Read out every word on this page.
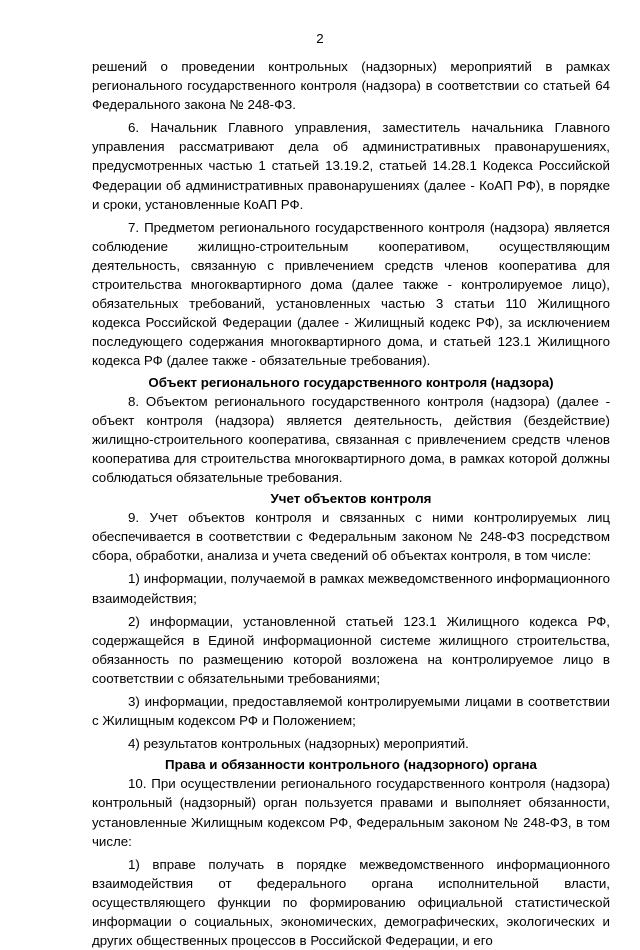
2

решений о проведении контрольных (надзорных) мероприятий в рамках регионального государственного контроля (надзора) в соответствии со статьей 64 Федерального закона № 248-ФЗ.

6. Начальник Главного управления, заместитель начальника Главного управления рассматривают дела об административных правонарушениях, предусмотренных частью 1 статьей 13.19.2, статьей 14.28.1 Кодекса Российской Федерации об административных правонарушениях (далее - КоАП РФ), в порядке и сроки, установленные КоАП РФ.

7. Предметом регионального государственного контроля (надзора) является соблюдение жилищно-строительным кооперативом, осуществляющим деятельность, связанную с привлечением средств членов кооператива для строительства многоквартирного дома (далее также - контролируемое лицо), обязательных требований, установленных частью 3 статьи 110 Жилищного кодекса Российской Федерации (далее - Жилищный кодекс РФ), за исключением последующего содержания многоквартирного дома, и статьей 123.1 Жилищного кодекса РФ (далее также - обязательные требования).

Объект регионального государственного контроля (надзора)

8. Объектом регионального государственного контроля (надзора) (далее - объект контроля (надзора) является деятельность, действия (бездействие) жилищно-строительного кооператива, связанная с привлечением средств членов кооператива для строительства многоквартирного дома, в рамках которой должны соблюдаться обязательные требования.

Учет объектов контроля

9. Учет объектов контроля и связанных с ними контролируемых лиц обеспечивается в соответствии с Федеральным законом № 248-ФЗ посредством сбора, обработки, анализа и учета сведений об объектах контроля, в том числе:

1) информации, получаемой в рамках межведомственного информационного взаимодействия;

2) информации, установленной статьей 123.1 Жилищного кодекса РФ, содержащейся в Единой информационной системе жилищного строительства, обязанность по размещению которой возложена на контролируемое лицо в соответствии с обязательными требованиями;

3) информации, предоставляемой контролируемыми лицами в соответствии с Жилищным кодексом РФ и Положением;

4) результатов контрольных (надзорных) мероприятий.

Права и обязанности контрольного (надзорного) органа

10. При осуществлении регионального государственного контроля (надзора) контрольный (надзорный) орган пользуется правами и выполняет обязанности, установленные Жилищным кодексом РФ, Федеральным законом № 248-ФЗ, в том числе:

1) вправе получать в порядке межведомственного информационного взаимодействия от федерального органа исполнительной власти, осуществляющего функции по формированию официальной статистической информации о социальных, экономических, демографических, экологических и других общественных процессов в Российской Федерации, и его
